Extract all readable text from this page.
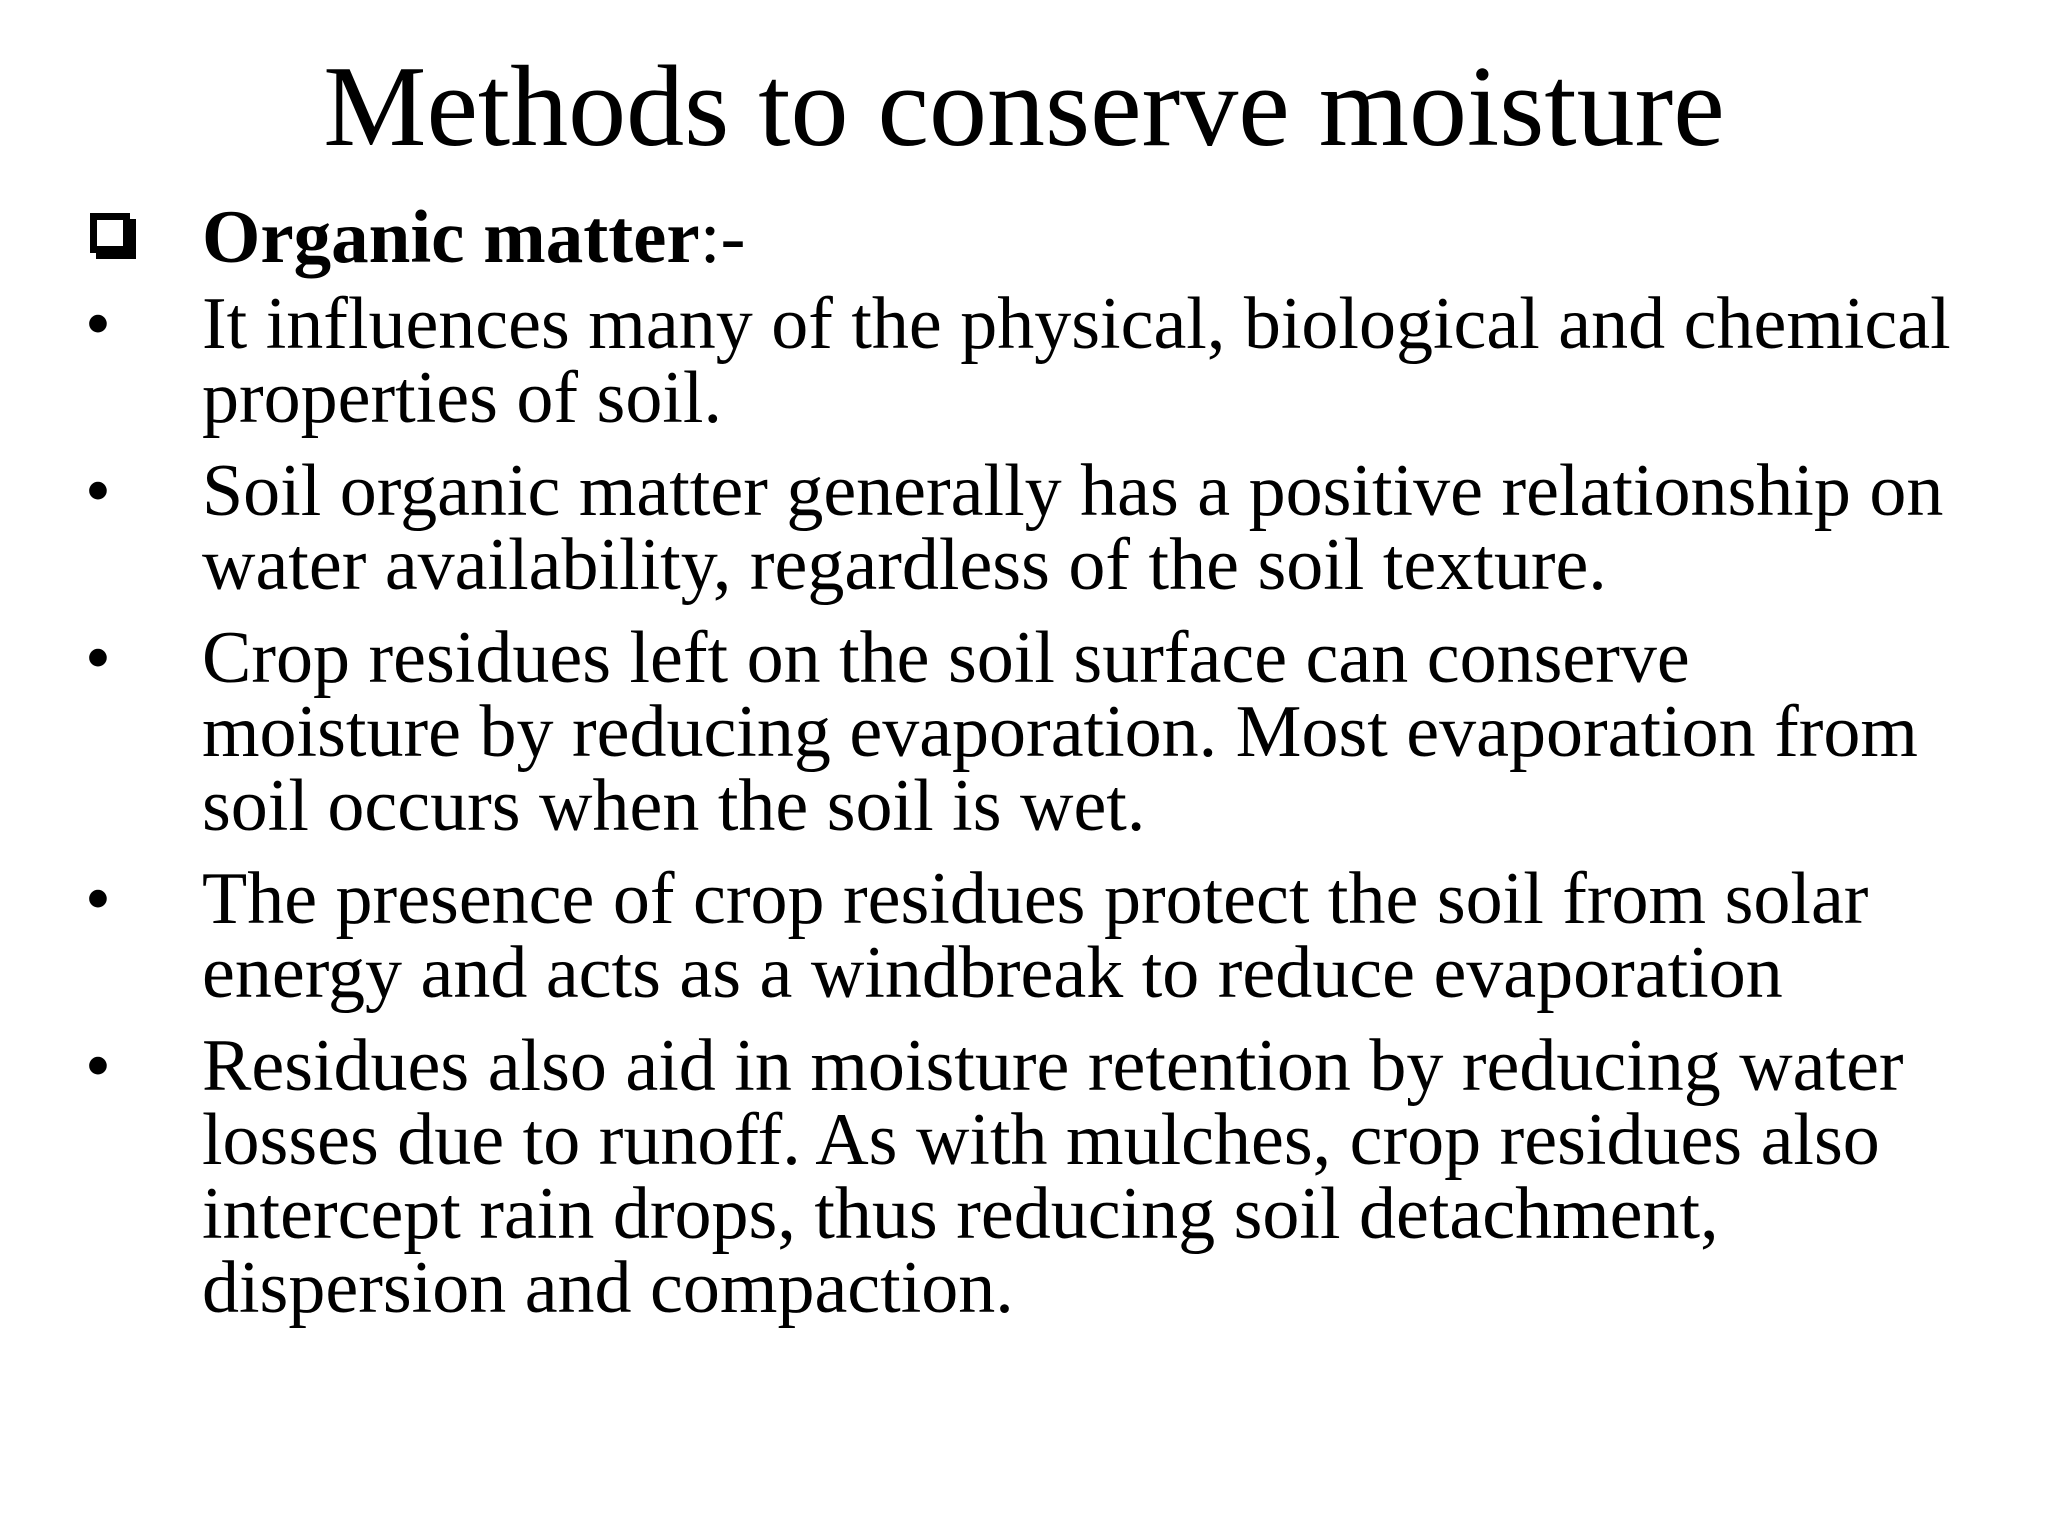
Methods to conserve moisture
Organic matter:-
• It influences many of the physical, biological and chemical
properties of soil.
• Soil organic matter generally has a positive relationship on
water availability, regardless of the soil texture.
• Crop residues left on the soil surface can conserve
moisture by reducing evaporation. Most evaporation from
soil occurs when the soil is wet.
• The presence of crop residues protect the soil from solar
energy and acts as a windbreak to reduce evaporation
• Residues also aid in moisture retention by reducing water
losses due to runoff. As with mulches, crop residues also
intercept rain drops, thus reducing soil detachment,
dispersion and compaction.
